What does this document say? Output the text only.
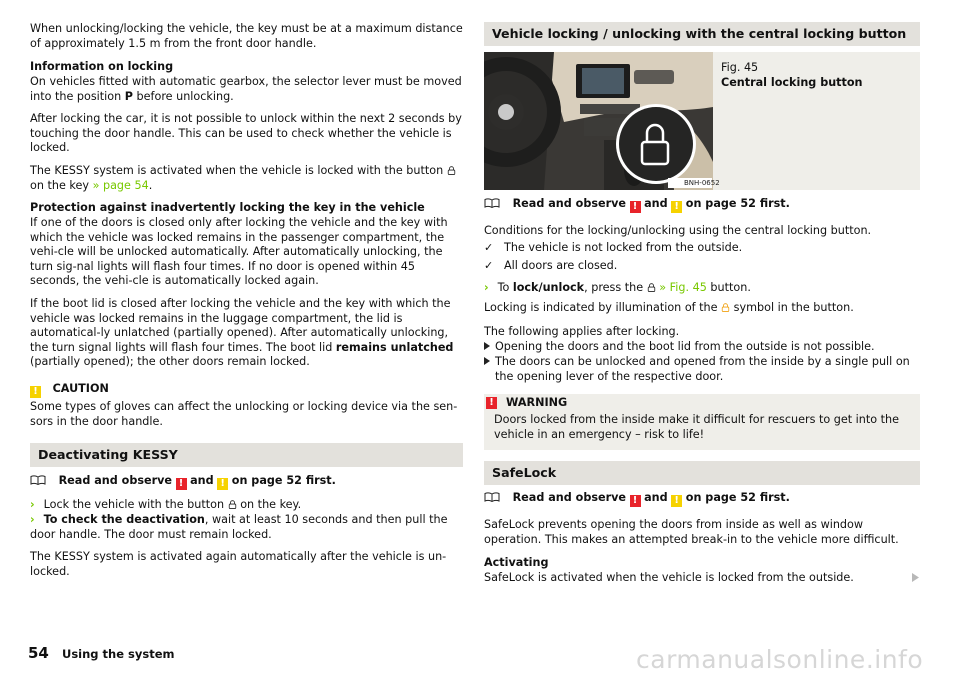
When unlocking/locking the vehicle, the key must be at a maximum distance of approximately 1.5 m from the front door handle.

Information on locking

On vehicles fitted with automatic gearbox, the selector lever must be moved into the position P before unlocking.

After locking the car, it is not possible to unlock within the next 2 seconds by touching the door handle. This can be used to check whether the vehicle is locked.

The KESSY system is activated when the vehicle is locked with the button  on the key » page 54.

Protection against inadvertently locking the key in the vehicle

If one of the doors is closed only after locking the vehicle and the key with which the vehicle was locked remains in the passenger compartment, the vehi-cle will be unlocked automatically. After automatically unlocking, the turn sig-nal lights will flash four times. If no door is opened within 45 seconds, the vehi-cle is automatically locked again.

If the boot lid is closed after locking the vehicle and the key with which the vehicle was locked remains in the luggage compartment, the lid is automatical-ly unlatched (partially opened). After automatically unlocking, the turn signal lights will flash four times. The boot lid remains unlatched (partially opened); the other doors remain locked.

! CAUTION

Some types of gloves can affect the unlocking or locking device via the sen-sors in the door handle.

Deactivating KESSY
Read and observe ! and ! on page 52 first.
› Lock the vehicle with the button on the key.
› To check the deactivation, wait at least 10 seconds and then pull the door handle. The door must remain locked.

The KESSY system is activated again automatically after the vehicle is un-locked.

Vehicle locking / unlocking with the central locking button
BNH-0652
Fig. 45
Central locking button
Read and observe ! and ! on page 52 first.

Conditions for the locking/unlocking using the central locking button.

✓ The vehicle is not locked from the outside.
✓ All doors are closed.
› To lock/unlock, press the » Fig. 45 button.
Locking is indicated by illumination of the symbol in the button.

The following applies after locking.

Opening the doors and the boot lid from the outside is not possible.
The doors can be unlocked and opened from the inside by a single pull on the opening lever of the respective door.
! WARNING

Doors locked from the inside make it difficult for rescuers to get into the vehicle in an emergency – risk to life!

SafeLock
Read and observe ! and ! on page 52 first.

SafeLock prevents opening the doors from inside as well as window operation. This makes an attempted break-in to the vehicle more difficult.

Activating

SafeLock is activated when the vehicle is locked from the outside.

54 Using the system	carmanualsonline.info
